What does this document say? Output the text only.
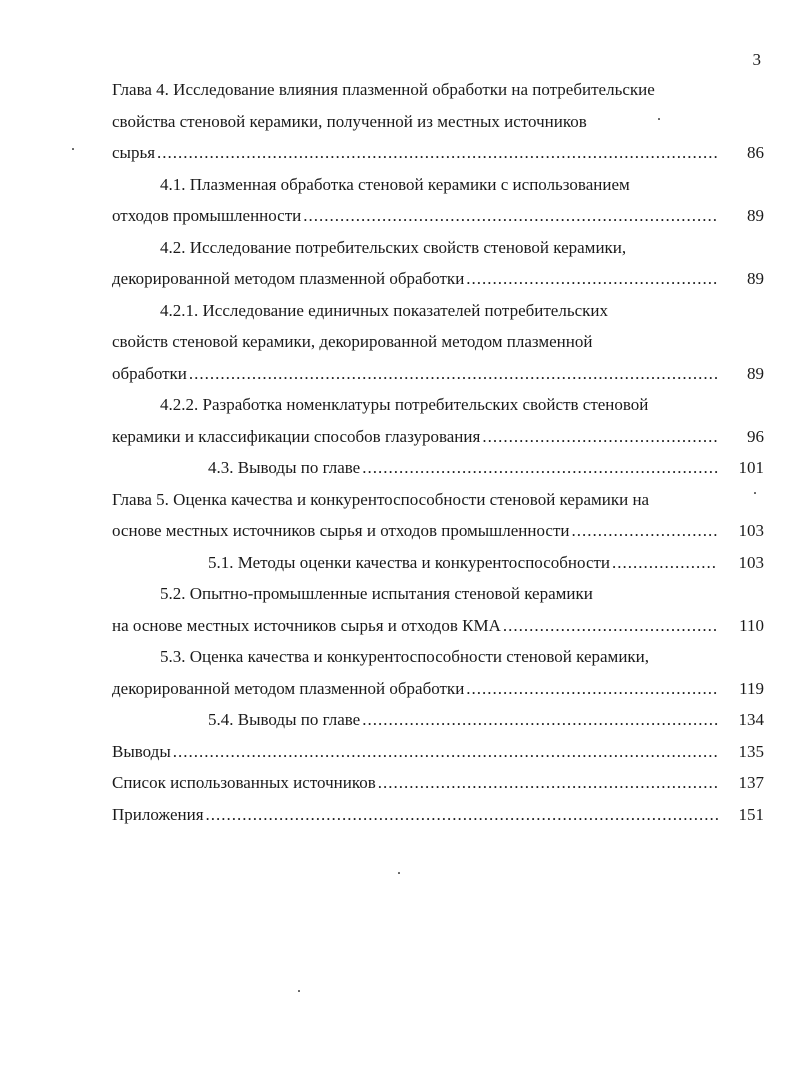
3
Глава 4. Исследование влияния плазменной обработки на потребительские
свойства стеновой керамики, полученной из местных источников
сырья .....	86
4.1. Плазменная обработка стеновой керамики с использованием
отходов промышленности .....	89
4.2. Исследование потребительских свойств стеновой керамики,
декорированной методом плазменной обработки .....	89
4.2.1. Исследование единичных показателей потребительских
свойств стеновой керамики, декорированной методом плазменной
обработки .....	89
4.2.2. Разработка номенклатуры потребительских свойств стеновой
керамики и классификации способов глазурования .....	96
4.3. Выводы по главе .....	101
Глава 5. Оценка качества и конкурентоспособности стеновой керамики на
основе местных источников сырья и отходов промышленности .....	103
5.1. Методы оценки качества и конкурентоспособности .....	103
5.2. Опытно-промышленные испытания стеновой керамики
на основе местных источников сырья и отходов КМА .....	110
5.3. Оценка качества и конкурентоспособности стеновой керамики,
декорированной методом плазменной обработки .....	119
5.4. Выводы по главе .....	134
Выводы .....	135
Список использованных источников .....	137
Приложения .....	151
